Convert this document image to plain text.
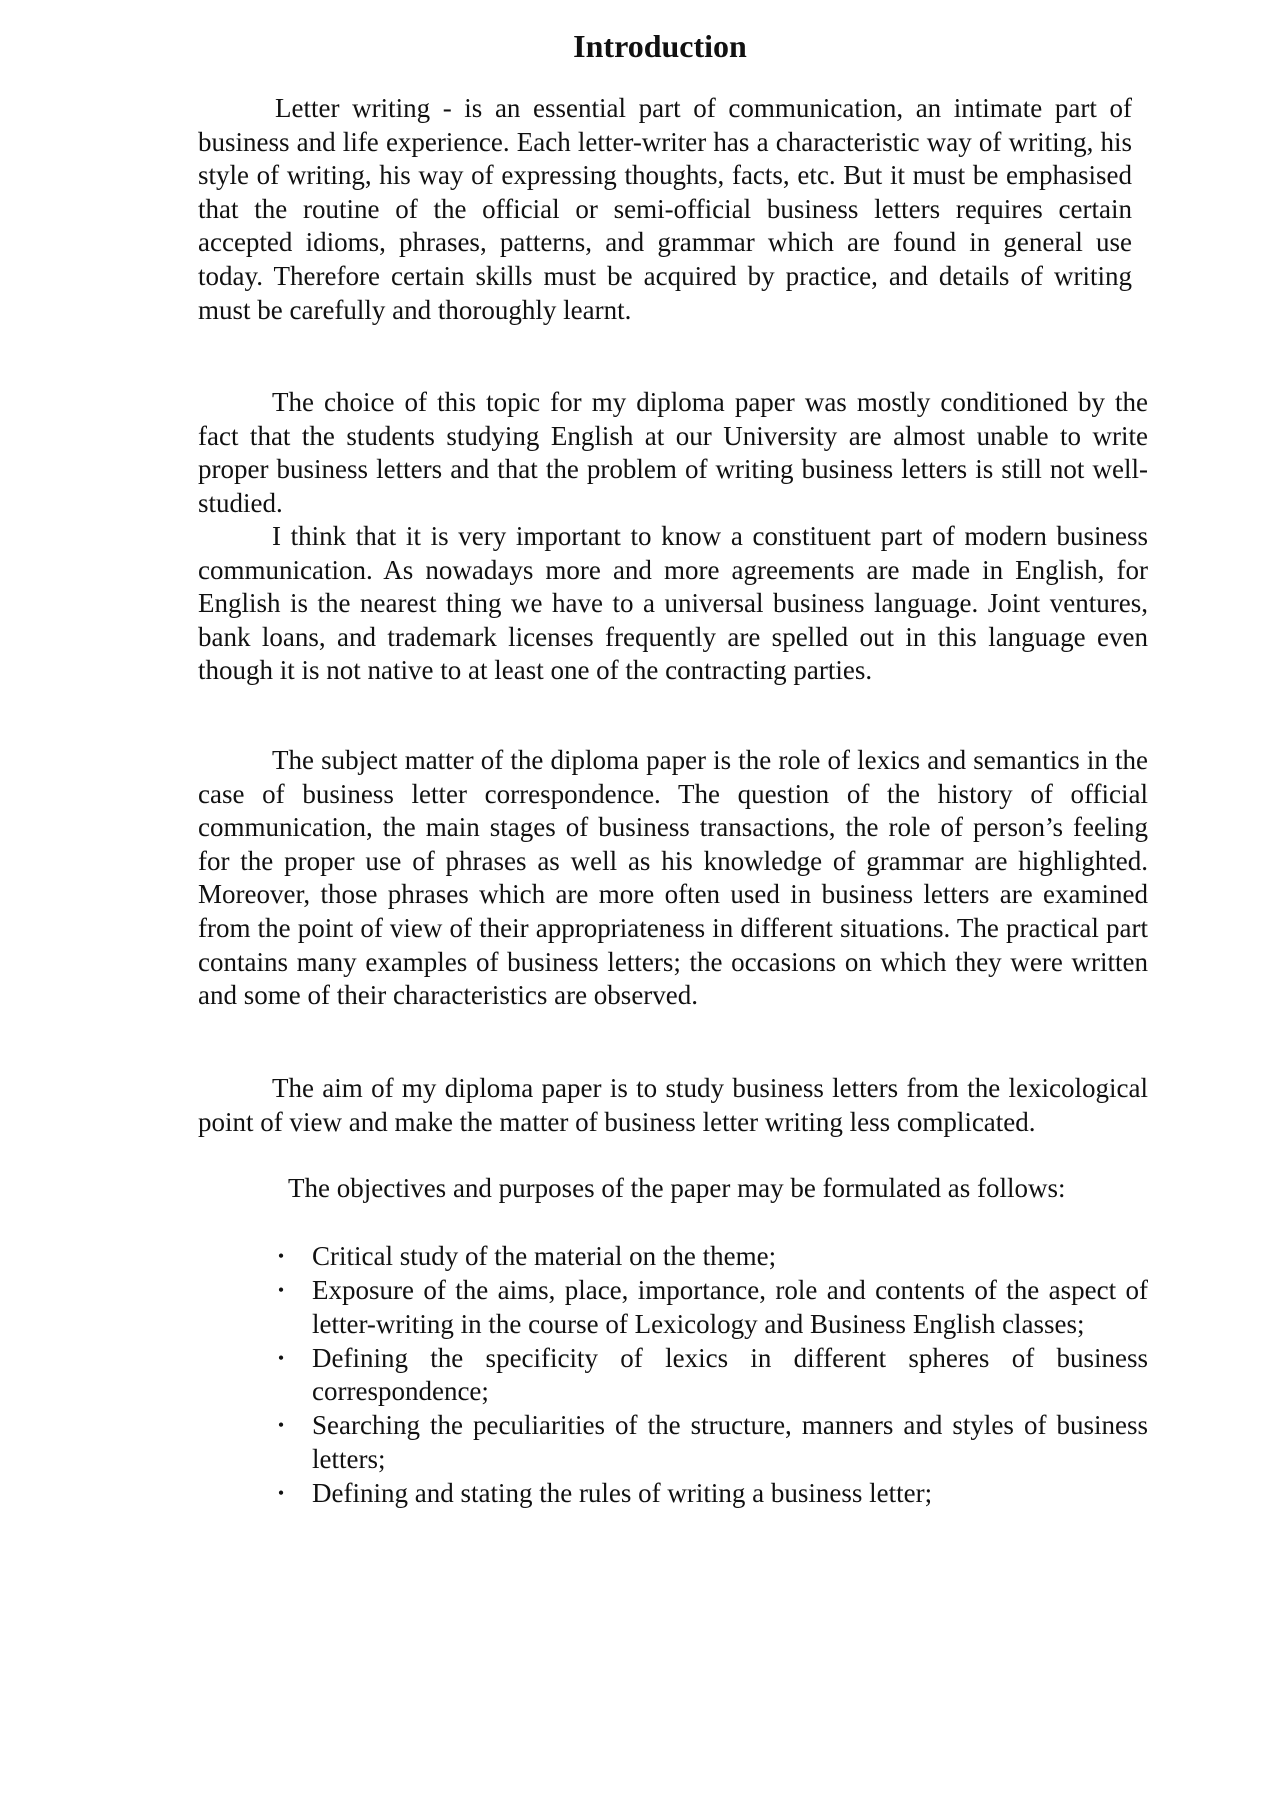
Introduction

Letter writing - is an essential part of communication, an intimate part of business and life experience. Each letter-writer has a characteristic way of writing, his style of writing, his way of expressing thoughts, facts, etc. But it must be emphasised that the routine of the official or semi-official business letters requires certain accepted idioms, phrases, patterns, and grammar which are found in general use today. Therefore certain skills must be acquired by practice, and details of writing must be carefully and thoroughly learnt.

The choice of this topic for my diploma paper was mostly conditioned by the fact that the students studying English at our University are almost unable to write proper business letters and that the problem of writing business letters is still not well-studied.

I think that it is very important to know a constituent part of modern business communication. As nowadays more and more agreements are made in English, for English is the nearest thing we have to a universal business language. Joint ventures, bank loans, and trademark licenses frequently are spelled out in this language even though it is not native to at least one of the contracting parties.

The subject matter of the diploma paper is the role of lexics and semantics in the case of business letter correspondence. The question of the history of official communication, the main stages of business transactions, the role of person’s feeling for the proper use of phrases as well as his knowledge of grammar are highlighted. Moreover, those phrases which are more often used in business letters are examined from the point of view of their appropriateness in different situations. The practical part contains many examples of business letters; the occasions on which they were written and some of their characteristics are observed.

The aim of my diploma paper is to study business letters from the lexicological point of view and make the matter of business letter writing less complicated.

The objectives and purposes of the paper may be formulated as follows:

• Critical study of the material on the theme;
• Exposure of the aims, place, importance, role and contents of the aspect of letter-writing in the course of Lexicology and Business English classes;
• Defining the specificity of lexics in different spheres of business correspondence;
• Searching the peculiarities of the structure, manners and styles of business letters;
• Defining and stating the rules of writing a business letter;
